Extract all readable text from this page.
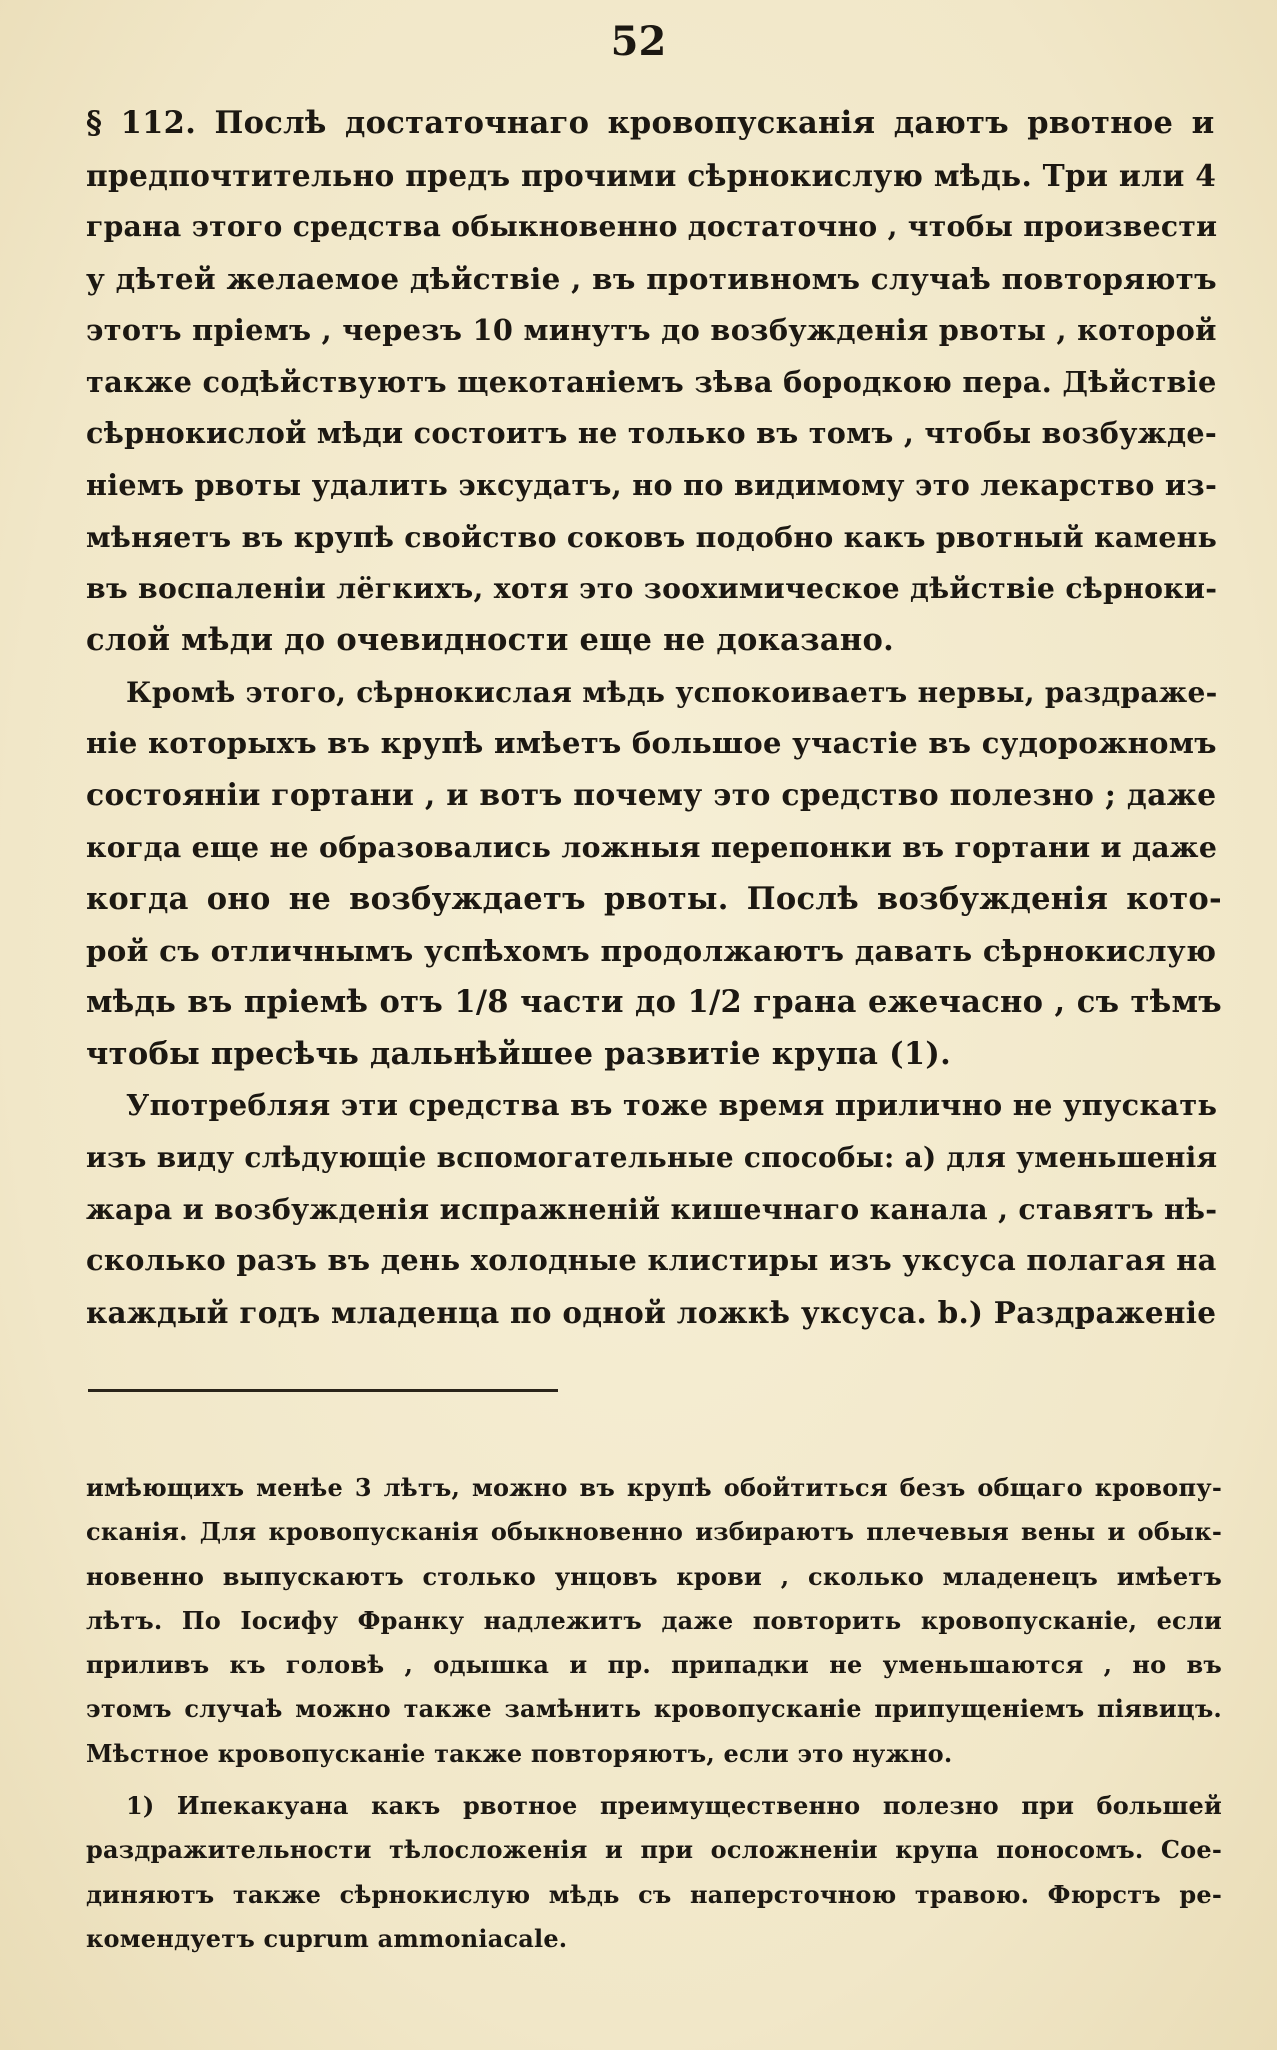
52
§ 112. Послѣ достаточнаго кровопусканія даютъ рвотное и
предпочтительно предъ прочими сѣрнокислую мѣдь. Три или 4
грана этого средства обыкновенно достаточно , чтобы произвести
у дѣтей желаемое дѣйствіе , въ противномъ случаѣ повторяютъ
этотъ пріемъ , черезъ 10 минутъ до возбужденія рвоты , которой
также содѣйствуютъ щекотаніемъ зѣва бородкою пера. Дѣйствіе
сѣрнокислой мѣди состоитъ не только въ томъ , чтобы возбужде-
ніемъ рвоты удалить эксудатъ, но по видимому это лекарство из-
мѣняетъ въ крупѣ свойство соковъ подобно какъ рвотный камень
въ воспаленіи лёгкихъ, хотя это зоохимическое дѣйствіе сѣрноки-
слой мѣди до очевидности еще не доказано.
Кромѣ этого, сѣрнокислая мѣдь успокоиваетъ нервы, раздраже-
ніе которыхъ въ крупѣ имѣетъ большое участіе въ судорожномъ
состояніи гортани , и вотъ почему это средство полезно ; даже
когда еще не образовались ложныя перепонки въ гортани и даже
когда оно не возбуждаетъ рвоты. Послѣ возбужденія кото-
рой съ отличнымъ успѣхомъ продолжаютъ давать сѣрнокислую
мѣдь въ пріемѣ отъ 1/8 части до 1/2 грана ежечасно , съ тѣмъ
чтобы пресѣчь дальнѣйшее развитіе крупа (1).
Употребляя эти средства въ тоже время прилично не упускать
изъ виду слѣдующіе вспомогательные способы: a) для уменьшенія
жара и возбужденія испражненій кишечнаго канала , ставятъ нѣ-
сколько разъ въ день холодные клистиры изъ уксуса полагая на
каждый годъ младенца по одной ложкѣ уксуса. b.) Раздраженіе
имѣющихъ менѣе 3 лѣтъ, можно въ крупѣ обойтиться безъ общаго кровопу-
сканія. Для кровопусканія обыкновенно избираютъ плечевыя вены и обык-
новенно выпускаютъ столько унцовъ крови , сколько младенецъ имѣетъ
лѣтъ. По Іосифу Франку надлежитъ даже повторить кровопусканіе, если
приливъ къ головѣ , одышка и пр. припадки не уменьшаются , но въ
этомъ случаѣ можно также замѣнить кровопусканіе припущеніемъ піявицъ.
Мѣстное кровопусканіе также повторяютъ, если это нужно.
1) Ипекакуана какъ рвотное преимущественно полезно при большей
раздражительности тѣлосложенія и при осложненіи крупа поносомъ. Сое-
диняютъ также сѣрнокислую мѣдь съ наперсточною травою. Фюрстъ ре-
комендуетъ cuprum ammoniacale.
